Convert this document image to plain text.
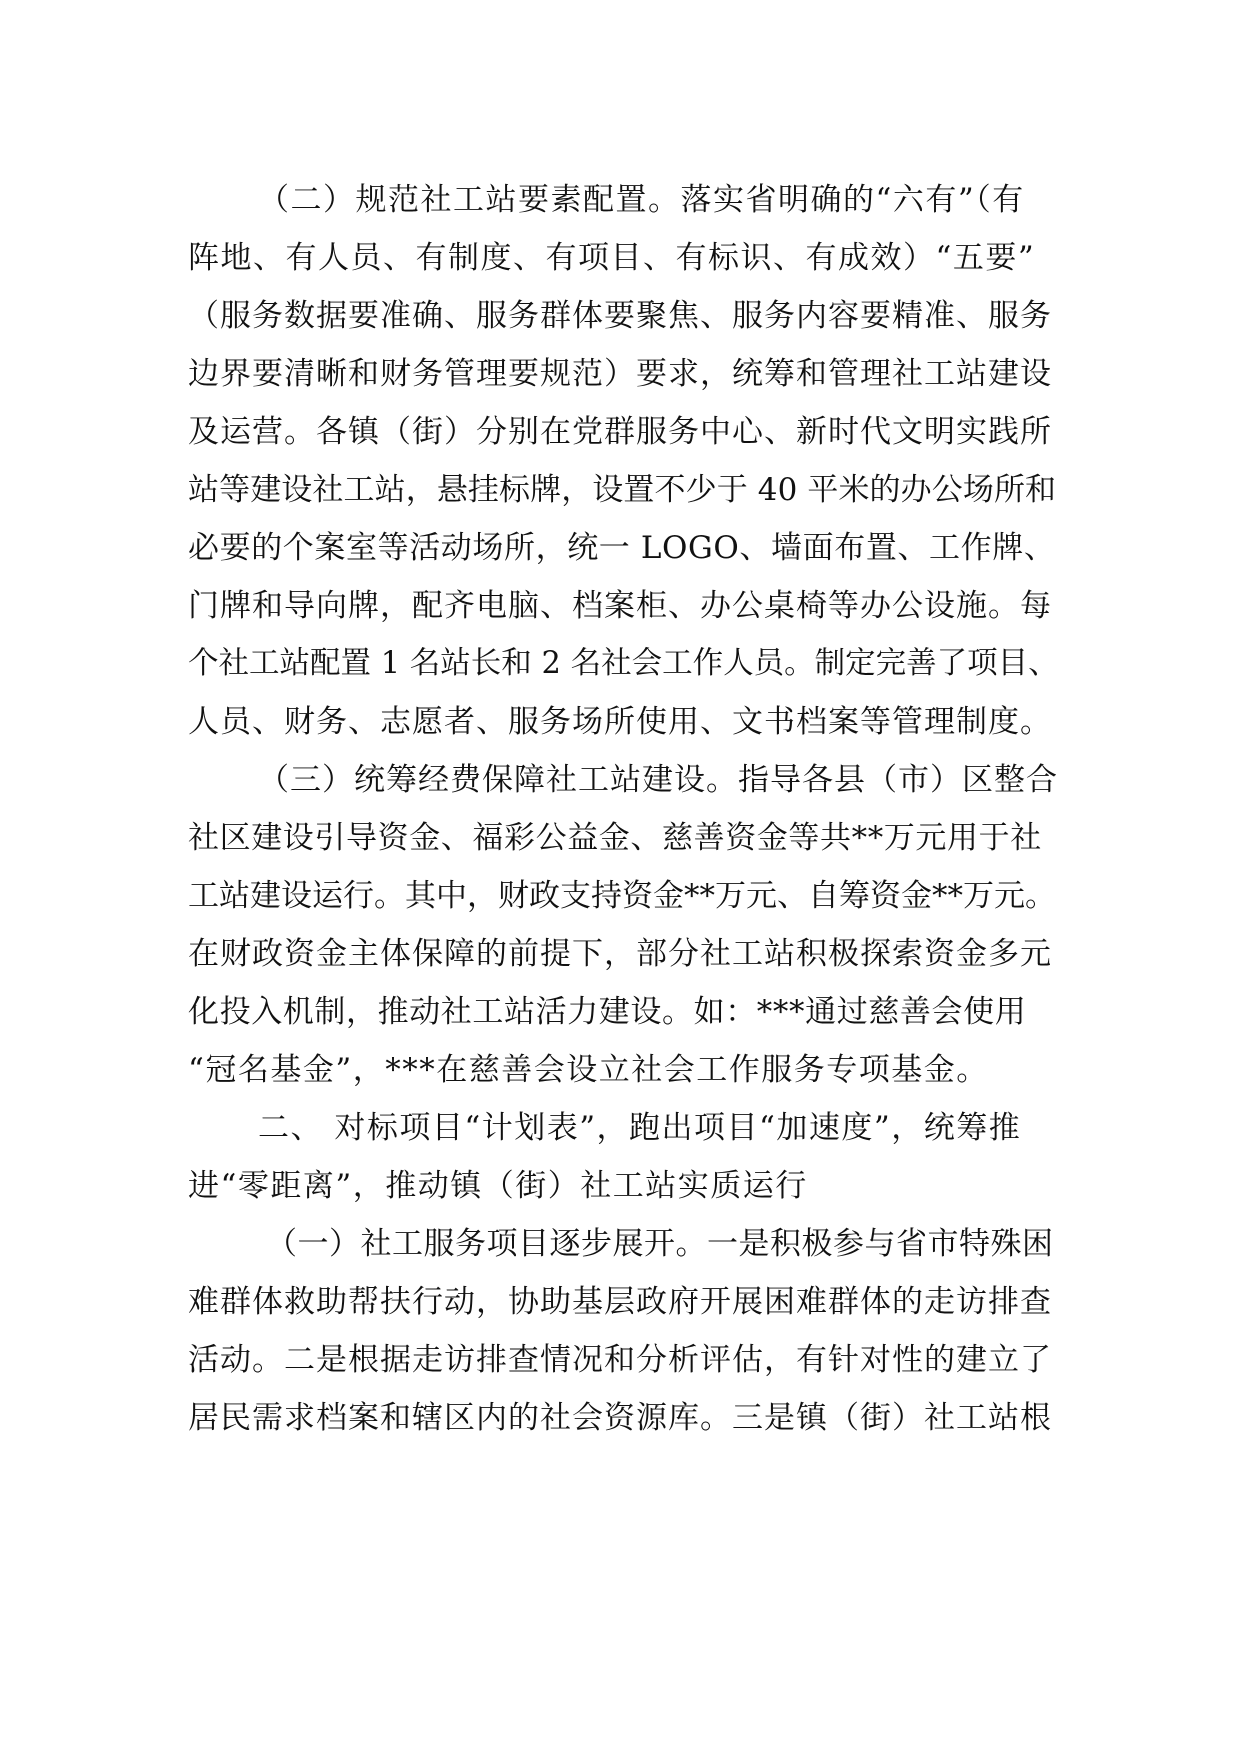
（二）规范社工站要素配置。落实省明确的“六有”（有

阵地、有人员、有制度、有项目、有标识、有成效）“五要”

（服务数据要准确、服务群体要聚焦、服务内容要精准、服务

边界要清晰和财务管理要规范）要求，统筹和管理社工站建设

及运营。各镇（街）分别在党群服务中心、新时代文明实践所

站等建设社工站，悬挂标牌，设置不少于 40 平米的办公场所和

必要的个案室等活动场所，统一 LOGO、墙面布置、工作牌、

门牌和导向牌，配齐电脑、档案柜、办公桌椅等办公设施。每

个社工站配置 1 名站长和 2 名社会工作人员。制定完善了项目、

人员、财务、志愿者、服务场所使用、文书档案等管理制度。

（三）统筹经费保障社工站建设。指导各县（市）区整合

社区建设引导资金、福彩公益金、慈善资金等共**万元用于社

工站建设运行。其中，财政支持资金**万元、自筹资金**万元。

在财政资金主体保障的前提下，部分社工站积极探索资金多元

化投入机制，推动社工站活力建设。如：***通过慈善会使用

“冠名基金”，***在慈善会设立社会工作服务专项基金。

二、 对标项目“计划表”，跑出项目“加速度”，统筹推

进“零距离”，推动镇（街）社工站实质运行

（一）社工服务项目逐步展开。一是积极参与省市特殊困

难群体救助帮扶行动，协助基层政府开展困难群体的走访排查

活动。二是根据走访排查情况和分析评估，有针对性的建立了

居民需求档案和辖区内的社会资源库。三是镇（街）社工站根
